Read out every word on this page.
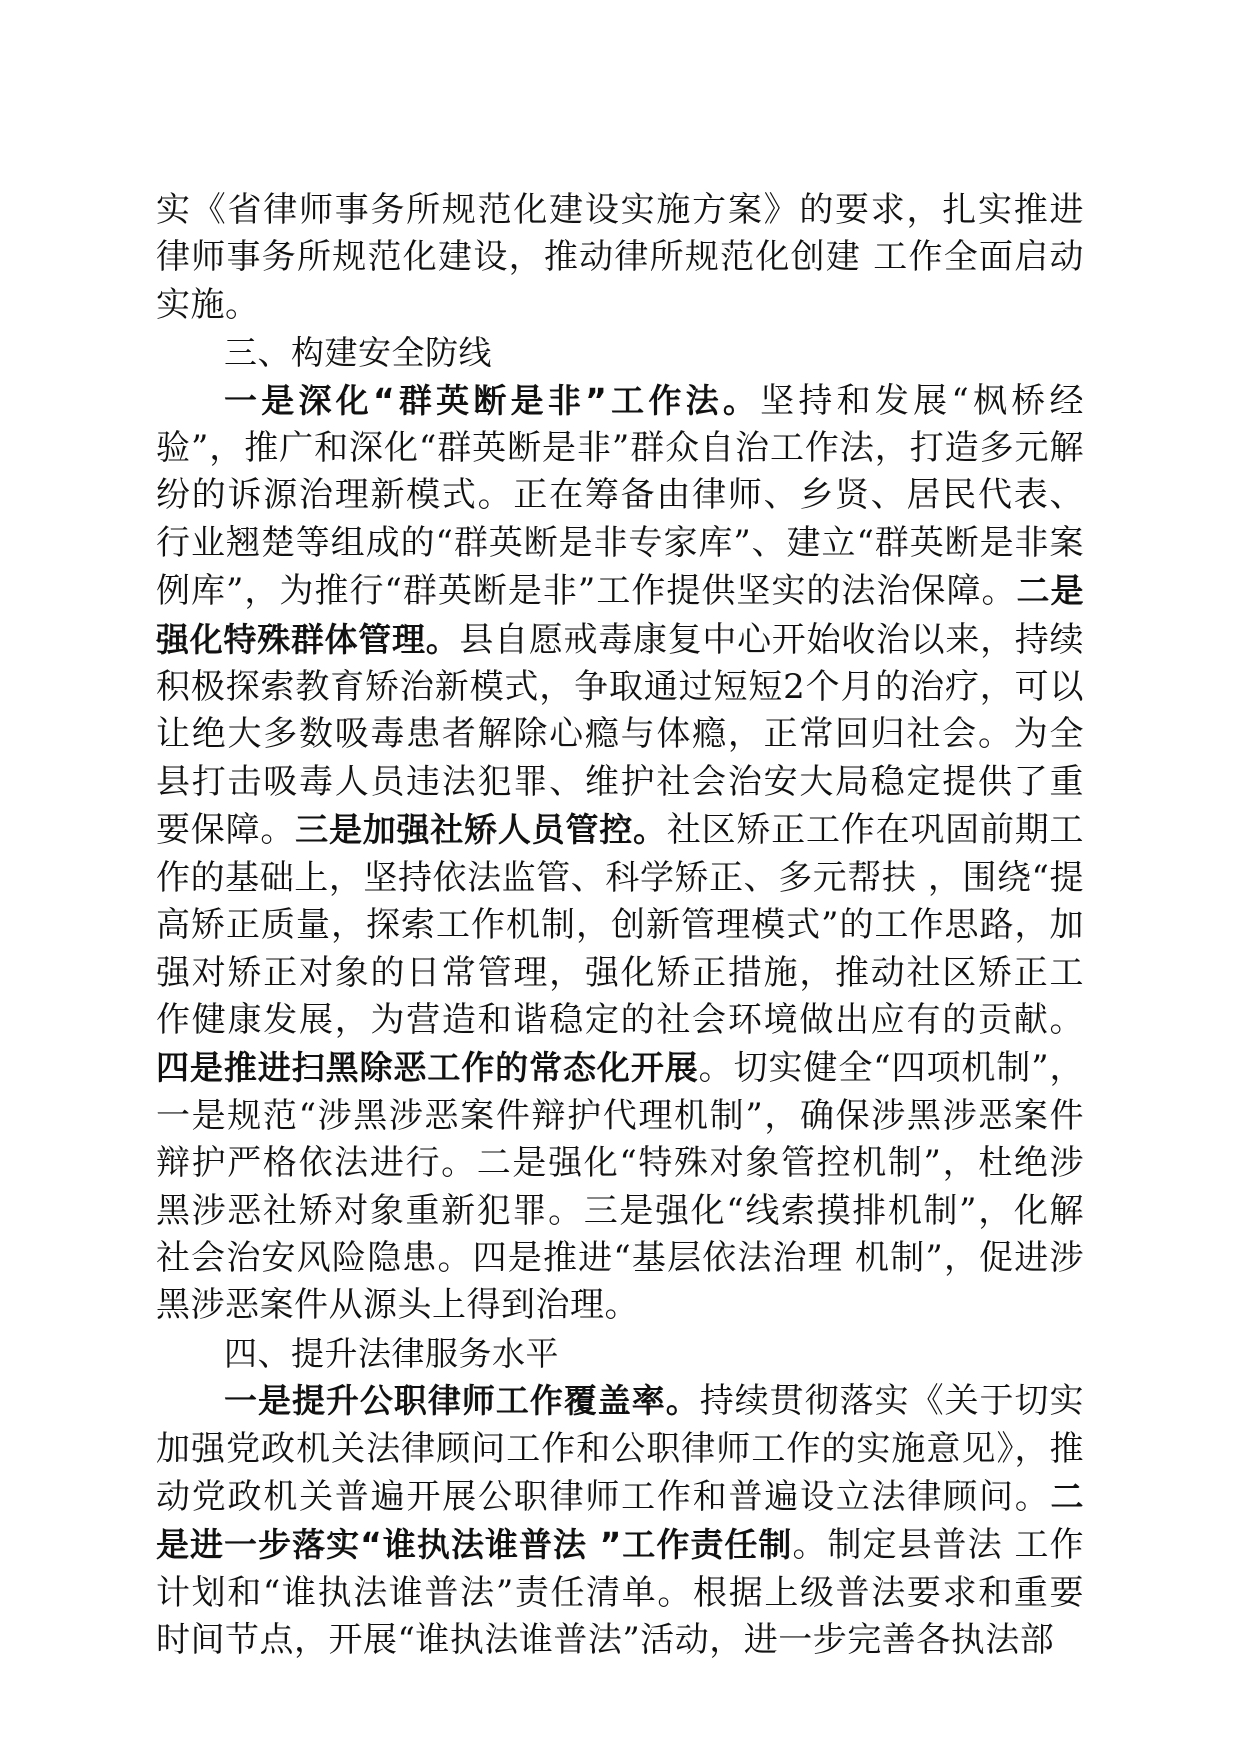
实《省律师事务所规范化建设实施方案》的要求，扎实推进律师事务所规范化建设，推动律所规范化创建 工作全面启动实施。

三、构建安全防线

一是深化“群英断是非”工作法。坚持和发展“枫桥经验”，推广和深化“群英断是非”群众自治工作法，打造多元解纷的诉源治理新模式。正在筹备由律师、乡贤、居民代表、行业翘楚等组成的“群英断是非专家库”、建立“群英断是非案例库”，为推行“群英断是非”工作提供坚实的法治保障。二是强化特殊群体管理。县自愿戒毒康复中心开始收治以来，持续积极探索教育矫治新模式，争取通过短短2个月的治疗，可以让绝大多数吸毒患者解除心瘾与体瘾，正常回归社会。为全县打击吸毒人员违法犯罪、维护社会治安大局稳定提供了重要保障。三是加强社矫人员管控。社区矫正工作在巩固前期工作的基础上，坚持依法监管、科学矫正、多元帮扶 ，围绕“提高矫正质量，探索工作机制，创新管理模式”的工作思路，加强对矫正对象的日常管理，强化矫正措施，推动社区矫正工作健康发展，为营造和谐稳定的社会环境做出应有的贡献。四是推进扫黑除恶工作的常态化开展。切实健全“四项机制”，一是规范“涉黑涉恶案件辩护代理机制”，确保涉黑涉恶案件辩护严格依法进行。二是强化“特殊对象管控机制”，杜绝涉黑涉恶社矫对象重新犯罪。三是强化“线索摸排机制”，化解社会治安风险隐患。四是推进“基层依法治理 机制”，促进涉黑涉恶案件从源头上得到治理。

四、提升法律服务水平

一是提升公职律师工作覆盖率。持续贯彻落实《关于切实加强党政机关法律顾问工作和公职律师工作的实施意见》，推动党政机关普遍开展公职律师工作和普遍设立法律顾问。二是进一步落实“谁执法谁普法 ”工作责任制。制定县普法 工作计划和“谁执法谁普法”责任清单。根据上级普法要求和重要时间节点，开展“谁执法谁普法”活动，进一步完善各执法部
